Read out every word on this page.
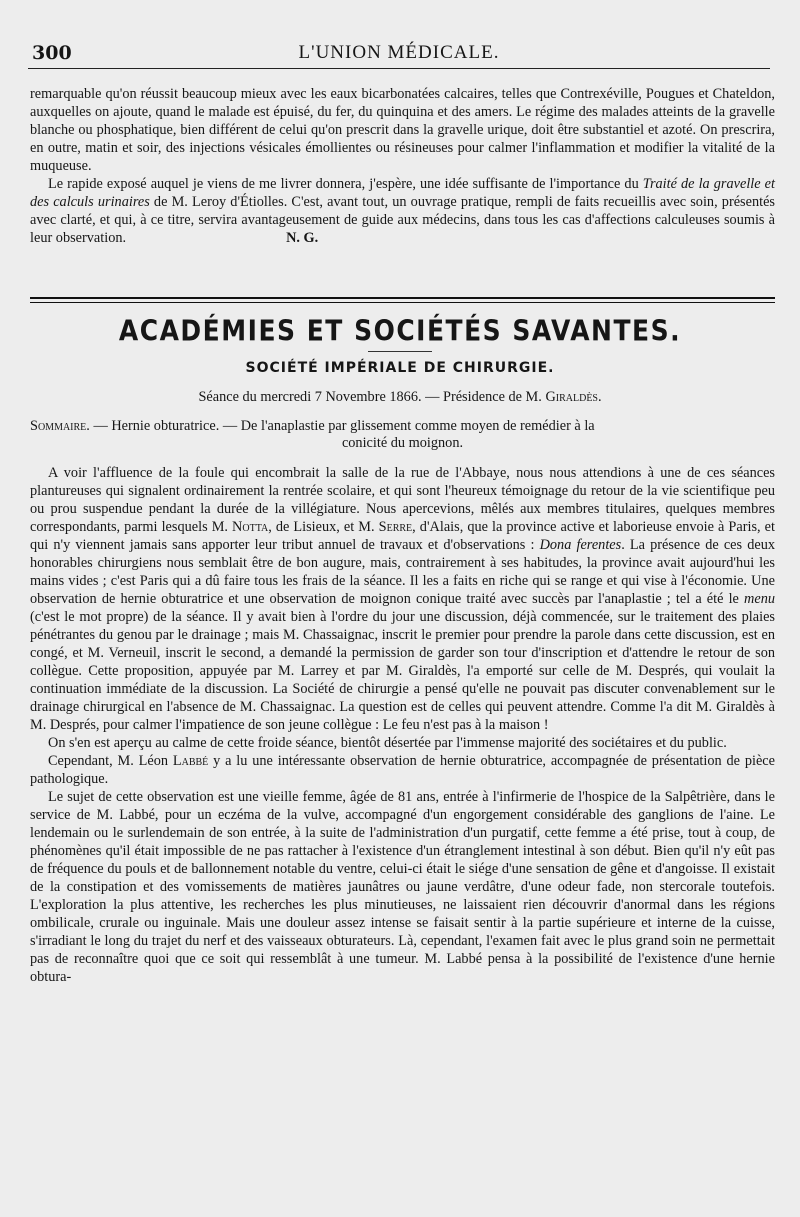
300	L'UNION MÉDICALE.

remarquable qu'on réussit beaucoup mieux avec les eaux bicarbonatées calcaires, telles que Contrexéville, Pougues et Chateldon, auxquelles on ajoute, quand le malade est épuisé, du fer, du quinquina et des amers. Le régime des malades atteints de la gravelle blanche ou phosphatique, bien différent de celui qu'on prescrit dans la gravelle urique, doit être substantiel et azoté. On prescrira, en outre, matin et soir, des injections vésicales émollientes ou résineuses pour calmer l'inflammation et modifier la vitalité de la muqueuse.

Le rapide exposé auquel je viens de me livrer donnera, j'espère, une idée suffisante de l'importance du Traité de la gravelle et des calculs urinaires de M. Leroy d'Étiolles. C'est, avant tout, un ouvrage pratique, rempli de faits recueillis avec soin, présentés avec clarté, et qui, à ce titre, servira avantageusement de guide aux médecins, dans tous les cas d'affections calculeuses soumis à leur observation.	N. G.

ACADÉMIES ET SOCIÉTÉS SAVANTES.
SOCIÉTÉ IMPÉRIALE DE CHIRURGIE.
Séance du mercredi 7 Novembre 1866. — Présidence de M. Giraldès.
Sommaire. — Hernie obturatrice. — De l'anaplastie par glissement comme moyen de remédier à la
conicité du moignon.

A voir l'affluence de la foule qui encombrait la salle de la rue de l'Abbaye, nous nous attendions à une de ces séances plantureuses qui signalent ordinairement la rentrée scolaire, et qui sont l'heureux témoignage du retour de la vie scientifique peu ou prou suspendue pendant la durée de la villégiature. Nous apercevions, mêlés aux membres titulaires, quelques membres correspondants, parmi lesquels M. Notta, de Lisieux, et M. Serre, d'Alais, que la province active et laborieuse envoie à Paris, et qui n'y viennent jamais sans apporter leur tribut annuel de travaux et d'observations : Dona ferentes. La présence de ces deux honorables chirurgiens nous semblait être de bon augure, mais, contrairement à ses habitudes, la province avait aujourd'hui les mains vides ; c'est Paris qui a dû faire tous les frais de la séance. Il les a faits en riche qui se range et qui vise à l'économie. Une observation de hernie obturatrice et une observation de moignon conique traité avec succès par l'anaplastie ; tel a été le menu (c'est le mot propre) de la séance. Il y avait bien à l'ordre du jour une discussion, déjà commencée, sur le traitement des plaies pénétrantes du genou par le drainage ; mais M. Chassaignac, inscrit le premier pour prendre la parole dans cette discussion, est en congé, et M. Verneuil, inscrit le second, a demandé la permission de garder son tour d'inscription et d'attendre le retour de son collègue. Cette proposition, appuyée par M. Larrey et par M. Giraldès, l'a emporté sur celle de M. Després, qui voulait la continuation immédiate de la discussion. La Société de chirurgie a pensé qu'elle ne pouvait pas discuter convenablement sur le drainage chirurgical en l'absence de M. Chassaignac. La question est de celles qui peuvent attendre. Comme l'a dit M. Giraldès à M. Després, pour calmer l'impatience de son jeune collègue : Le feu n'est pas à la maison !

On s'en est aperçu au calme de cette froide séance, bientôt désertée par l'immense majorité des sociétaires et du public.

Cependant, M. Léon Labbé y a lu une intéressante observation de hernie obturatrice, accompagnée de présentation de pièce pathologique.

Le sujet de cette observation est une vieille femme, âgée de 81 ans, entrée à l'infirmerie de l'hospice de la Salpêtrière, dans le service de M. Labbé, pour un eczéma de la vulve, accompagné d'un engorgement considérable des ganglions de l'aine. Le lendemain ou le surlendemain de son entrée, à la suite de l'administration d'un purgatif, cette femme a été prise, tout à coup, de phénomènes qu'il était impossible de ne pas rattacher à l'existence d'un étranglement intestinal à son début. Bien qu'il n'y eût pas de fréquence du pouls et de ballonnement notable du ventre, celui-ci était le siége d'une sensation de gêne et d'angoisse. Il existait de la constipation et des vomissements de matières jaunâtres ou jaune verdâtre, d'une odeur fade, non stercorale toutefois. L'exploration la plus attentive, les recherches les plus minutieuses, ne laissaient rien découvrir d'anormal dans les régions ombilicale, crurale ou inguinale. Mais une douleur assez intense se faisait sentir à la partie supérieure et interne de la cuisse, s'irradiant le long du trajet du nerf et des vaisseaux obturateurs. Là, cependant, l'examen fait avec le plus grand soin ne permettait pas de reconnaître quoi que ce soit qui ressemblât à une tumeur. M. Labbé pensa à la possibilité de l'existence d'une hernie obtura-
